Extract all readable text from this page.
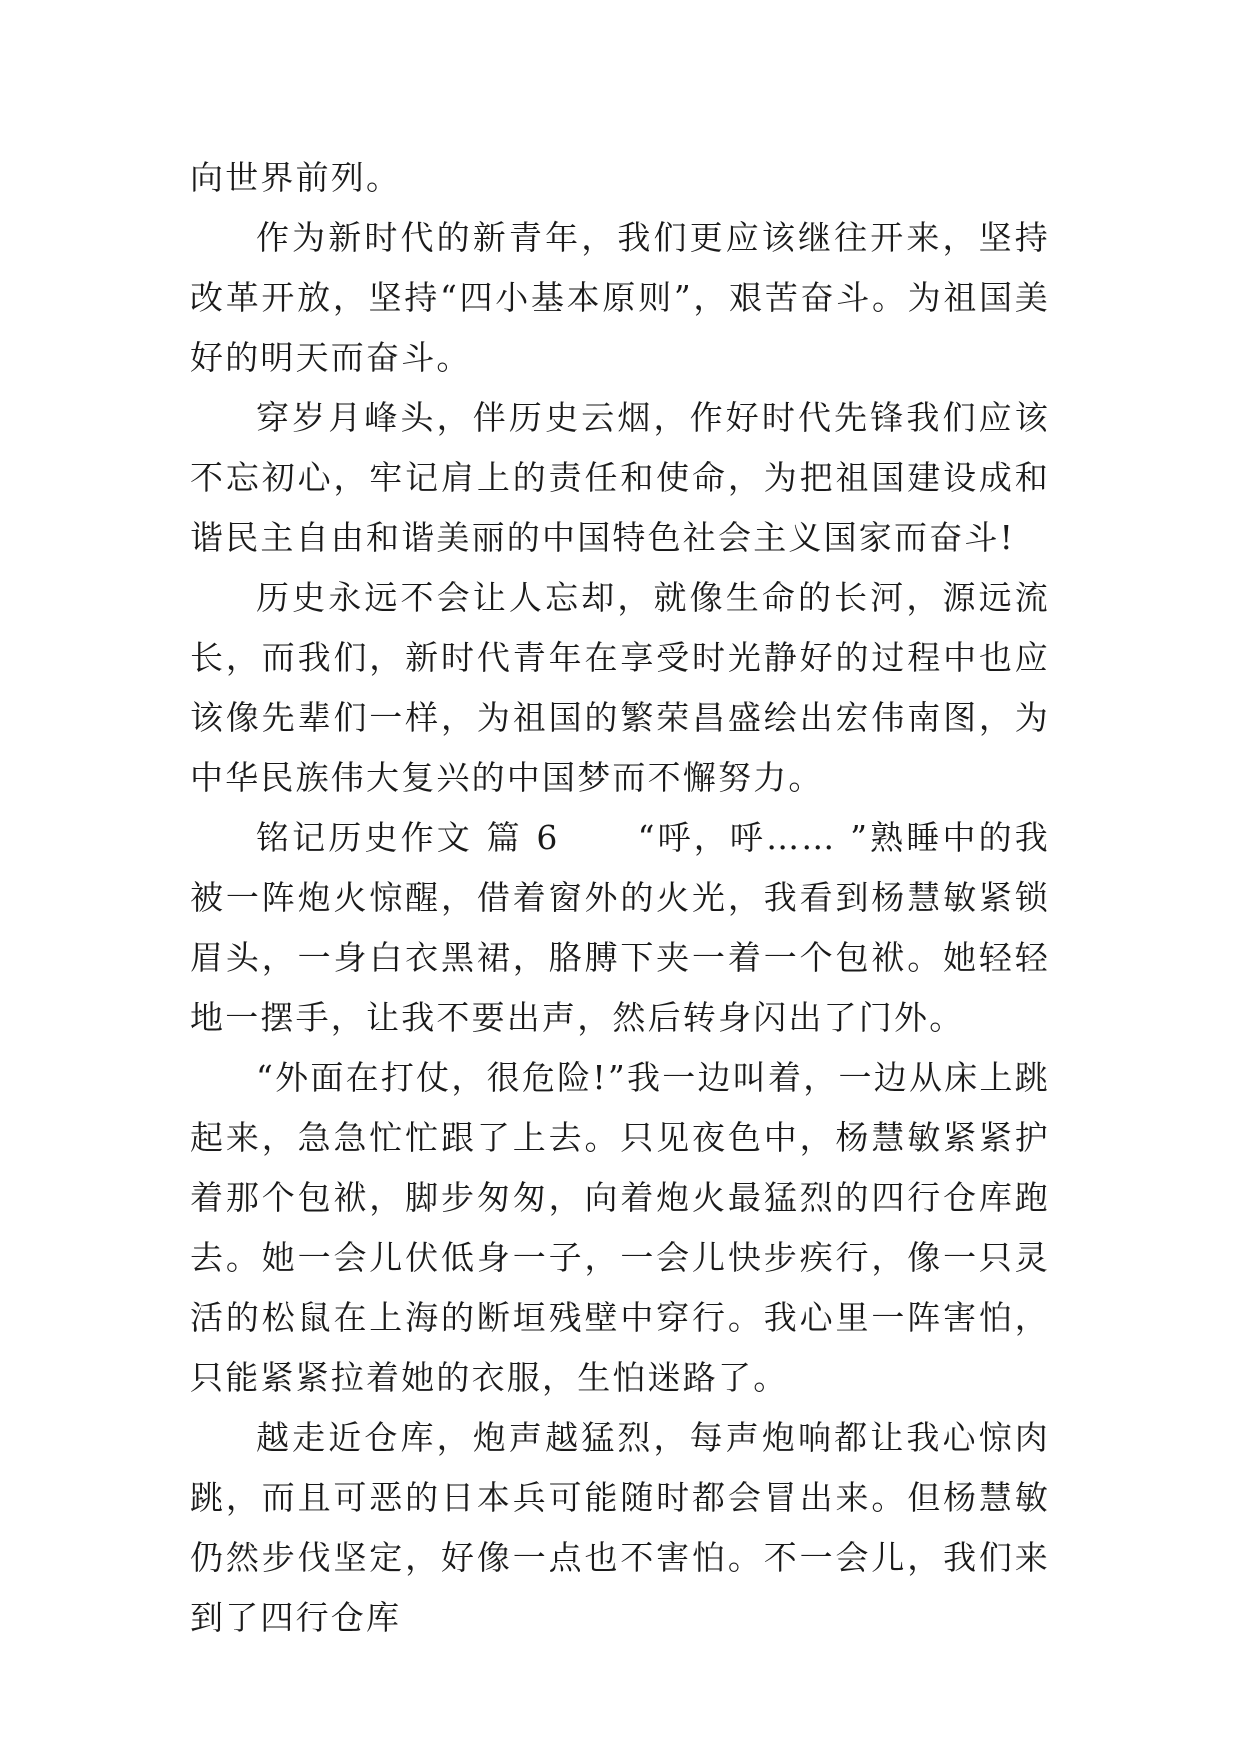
向世界前列。

作为新时代的新青年，我们更应该继往开来，坚持改革开放，坚持“四小基本原则”，艰苦奋斗。为祖国美好的明天而奋斗。

穿岁月峰头，伴历史云烟，作好时代先锋我们应该不忘初心，牢记肩上的责任和使命，为把祖国建设成和谐民主自由和谐美丽的中国特色社会主义国家而奋斗!

历史永远不会让人忘却，就像生命的长河，源远流长，而我们，新时代青年在享受时光静好的过程中也应该像先辈们一样，为祖国的繁荣昌盛绘出宏伟南图，为中华民族伟大复兴的中国梦而不懈努力。

铭记历史作文 篇 6 “呼，呼…… ”熟睡中的我被一阵炮火惊醒，借着窗外的火光，我看到杨慧敏紧锁眉头，一身白衣黑裙，胳膊下夹一着一个包袱。她轻轻地一摆手，让我不要出声，然后转身闪出了门外。

“外面在打仗，很危险!”我一边叫着，一边从床上跳起来，急急忙忙跟了上去。只见夜色中，杨慧敏紧紧护着那个包袱，脚步匆匆，向着炮火最猛烈的四行仓库跑去。她一会儿伏低身一子，一会儿快步疾行，像一只灵活的松鼠在上海的断垣残壁中穿行。我心里一阵害怕，只能紧紧拉着她的衣服，生怕迷路了。

越走近仓库，炮声越猛烈，每声炮响都让我心惊肉跳，而且可恶的日本兵可能随时都会冒出来。但杨慧敏仍然步伐坚定，好像一点也不害怕。不一会儿，我们来到了四行仓库
